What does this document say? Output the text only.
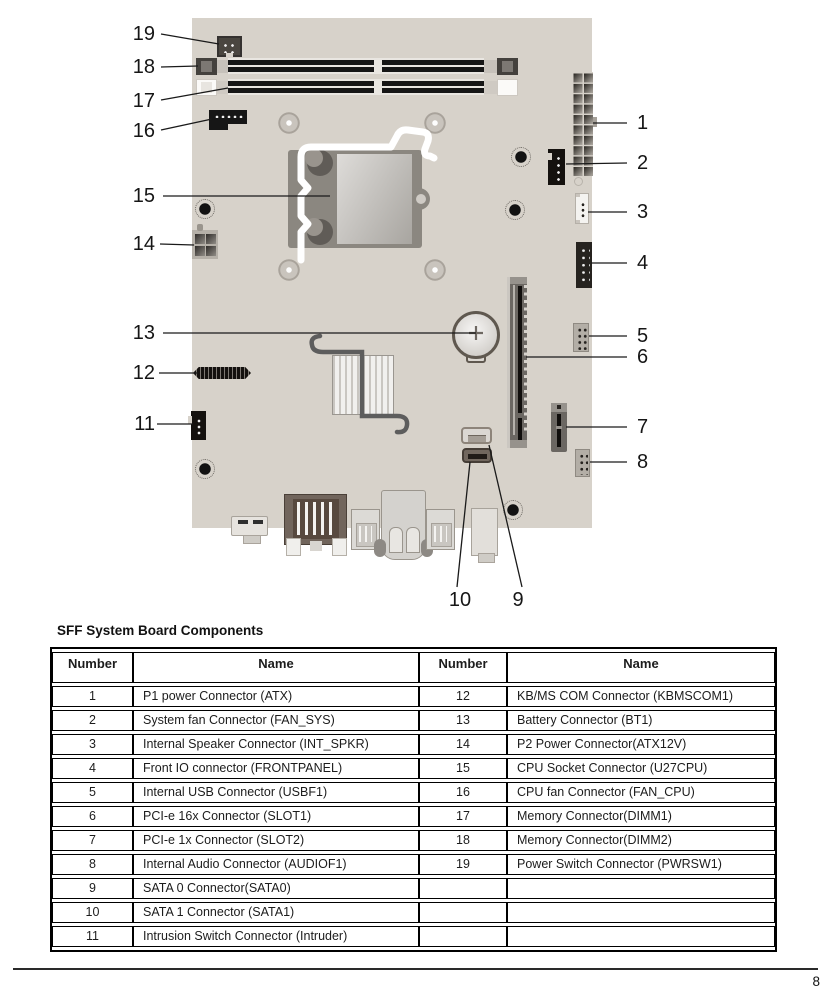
19
18
17
16
15
14
13
12
11
1
2
3
4
5
6
7
8
10 9
SFF System Board Components
Number	Name	Number	Name
1	P1 power Connector (ATX)	12	KB/MS COM Connector (KBMSCOM1)
2	System fan Connector (FAN_SYS)	13	Battery Connector (BT1)
3	Internal Speaker Connector (INT_SPKR)	14	P2 Power Connector(ATX12V)
4	Front IO connector (FRONTPANEL)	15	CPU Socket Connector (U27CPU)
5	Internal USB Connector (USBF1)	16	CPU fan Connector (FAN_CPU)
6	PCI-e 16x Connector (SLOT1)	17	Memory Connector(DIMM1)
7	PCI-e 1x Connector (SLOT2)	18	Memory Connector(DIMM2)
8	Internal Audio Connector (AUDIOF1)	19	Power Switch Connector (PWRSW1)
9	SATA 0 Connector(SATA0)		
10	SATA 1 Connector (SATA1)		
11	Intrusion Switch Connector (Intruder)		
8
